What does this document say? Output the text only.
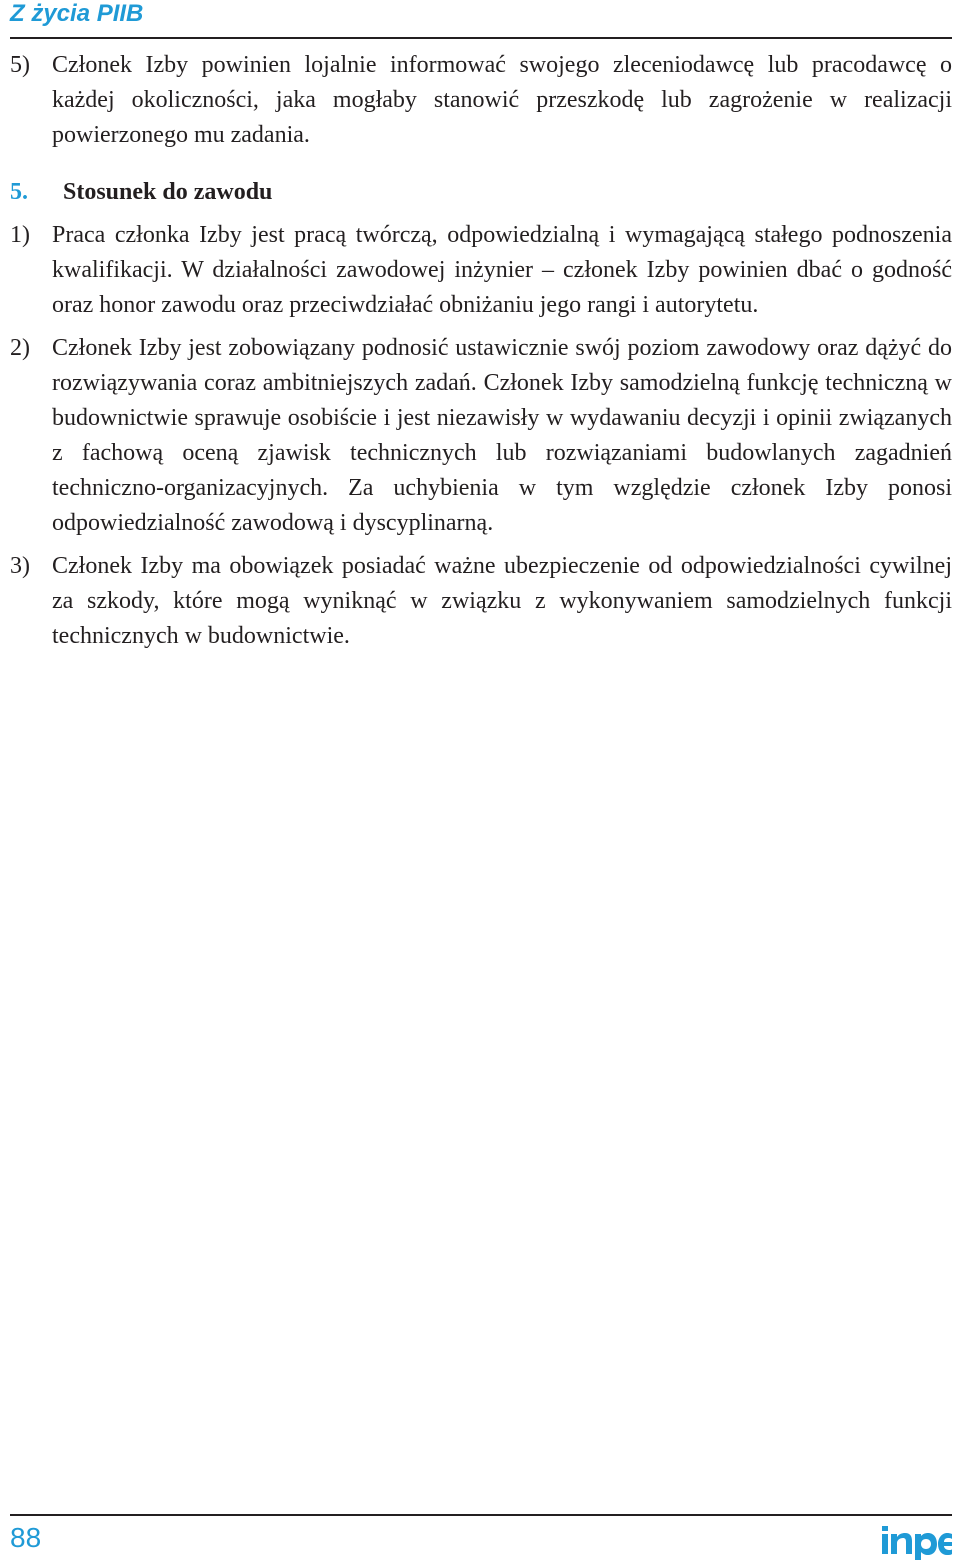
Z życia PIIB
5) Członek Izby powinien lojalnie informować swojego zleceniodawcę lub pracodawcę o każdej okoliczności, jaka mogłaby stanowić przeszkodę lub zagrożenie w realizacji powierzonego mu zadania.
5. Stosunek do zawodu
1) Praca członka Izby jest pracą twórczą, odpowiedzialną i wymagającą stałego podnoszenia kwalifikacji. W działalności zawodowej inżynier – członek Izby powinien dbać o godność oraz honor zawodu oraz przeciwdziałać obniżaniu jego rangi i autorytetu.
2) Członek Izby jest zobowiązany podnosić ustawicznie swój poziom zawodowy oraz dążyć do rozwiązywania coraz ambitniejszych zadań. Członek Izby samodzielną funkcję techniczną w budownictwie sprawuje osobiście i jest niezawisły w wydawaniu decyzji i opinii związanych z fachową oceną zjawisk technicznych lub rozwiązaniami budowlanych zagadnień techniczno-organizacyjnych. Za uchybienia w tym względzie członek Izby ponosi odpowiedzialność zawodową i dyscyplinarną.
3) Członek Izby ma obowiązek posiadać ważne ubezpieczenie od odpowiedzialności cywilnej za szkody, które mogą wyniknąć w związku z wykonywaniem samodzielnych funkcji technicznych w budownictwie.
88
